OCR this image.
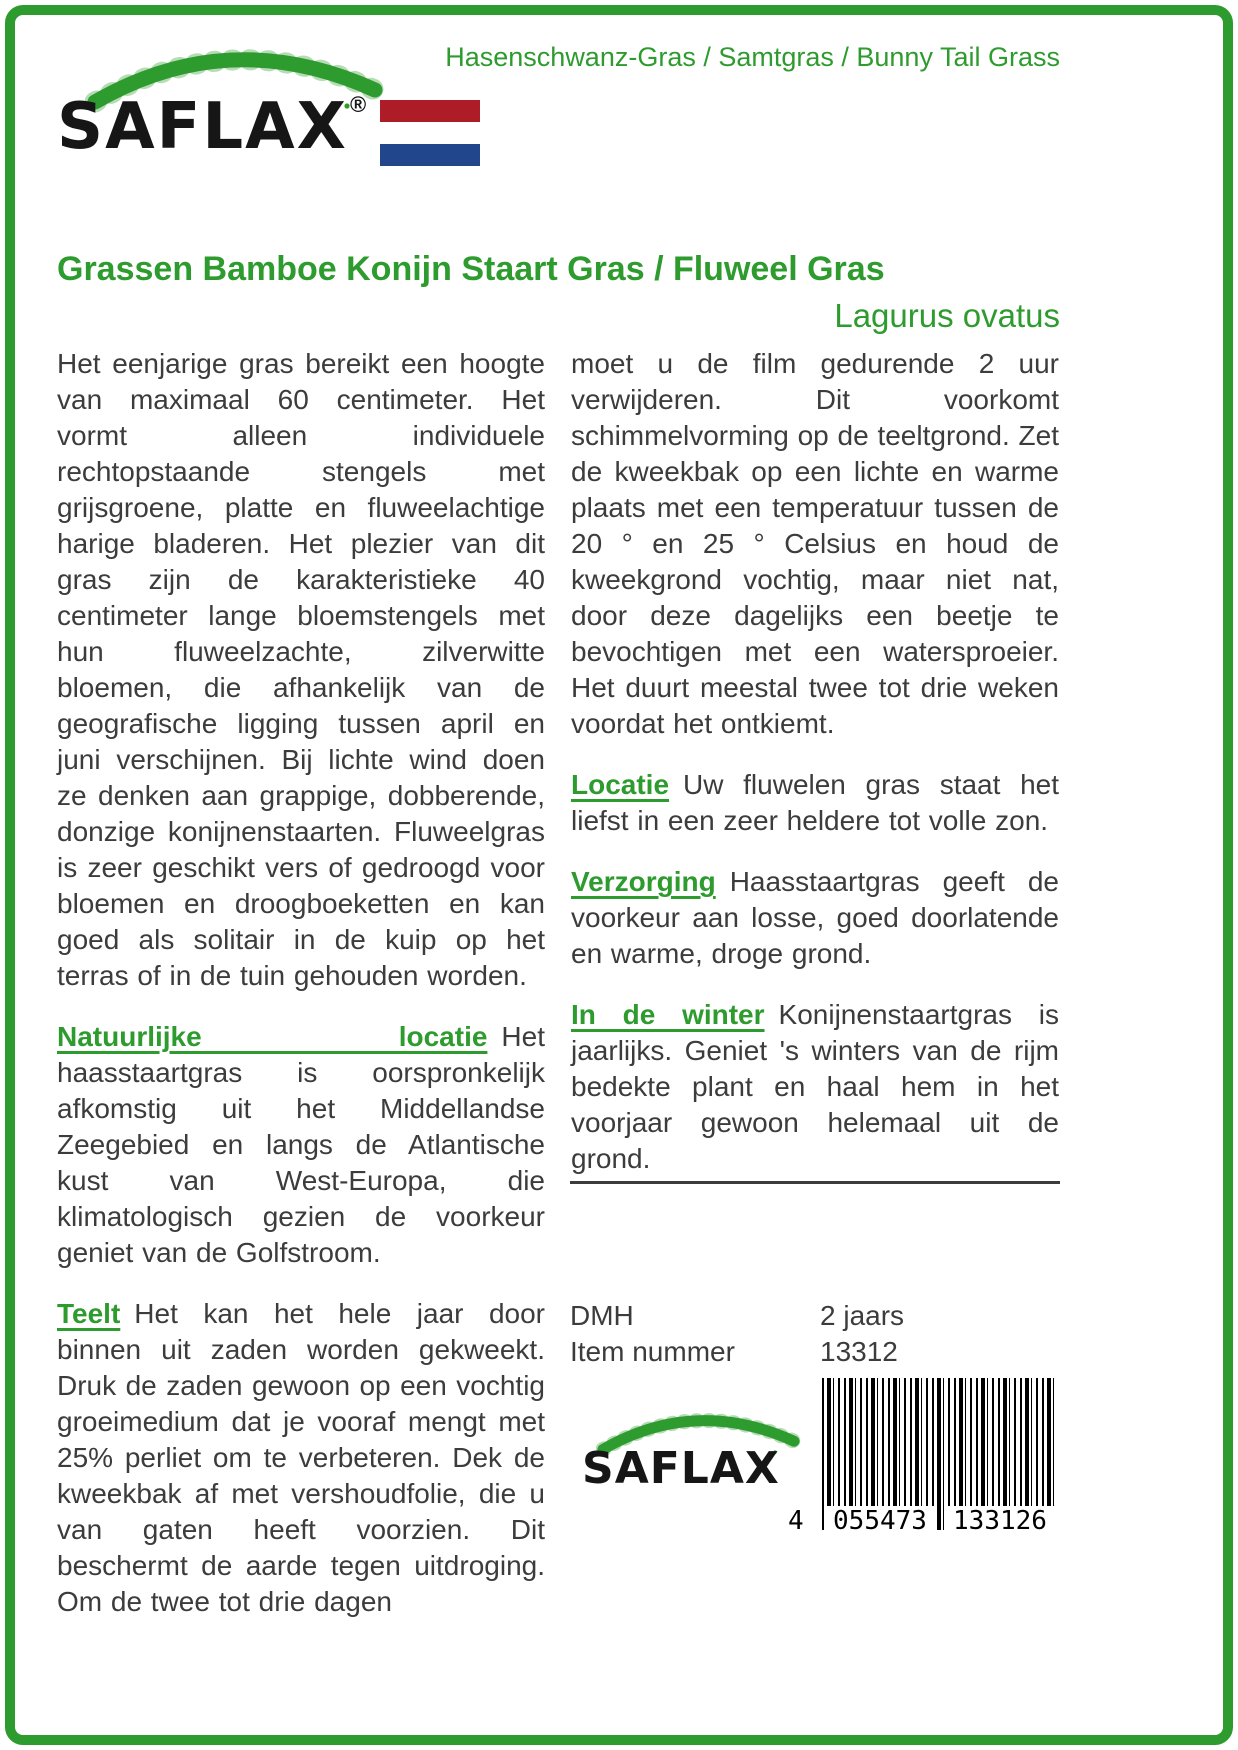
SAFLAX®
Hasenschwanz-Gras / Samtgras / Bunny Tail Grass
Grassen Bamboe Konijn Staart Gras / Fluweel Gras
Lagurus ovatus

Het eenjarige gras bereikt een hoogte van maximaal 60 centimeter. Het vormt alleen individuele rechtopstaande stengels met grijsgroene, platte en fluweelachtige harige bladeren. Het plezier van dit gras zijn de karakteristieke 40 centimeter lange bloemstengels met hun fluweelzachte, zilverwitte bloemen, die afhankelijk van de geografische ligging tussen april en juni verschijnen. Bij lichte wind doen ze denken aan grappige, dobberende, donzige konijnenstaarten. Fluweelgras is zeer geschikt vers of gedroogd voor bloemen en droogboeketten en kan goed als solitair in de kuip op het terras of in de tuin gehouden worden.

Natuurlijke locatie Het haasstaartgras is oorspronkelijk afkomstig uit het Middellandse Zeegebied en langs de Atlantische kust van West-Europa, die klimatologisch gezien de voorkeur geniet van de Golfstroom.

Teelt Het kan het hele jaar door binnen uit zaden worden gekweekt. Druk de zaden gewoon op een vochtig groeimedium dat je vooraf mengt met 25% perliet om te verbeteren. Dek de kweekbak af met vershoudfolie, die u van gaten heeft voorzien. Dit beschermt de aarde tegen uitdroging. Om de twee tot drie dagen

moet u de film gedurende 2 uur verwijderen. Dit voorkomt schimmelvorming op de teeltgrond. Zet de kweekbak op een lichte en warme plaats met een temperatuur tussen de 20 ° en 25 ° Celsius en houd de kweekgrond vochtig, maar niet nat, door deze dagelijks een beetje te bevochtigen met een watersproeier. Het duurt meestal twee tot drie weken voordat het ontkiemt.

Locatie Uw fluwelen gras staat het liefst in een zeer heldere tot volle zon.

Verzorging Haasstaartgras geeft de voorkeur aan losse, goed doorlatende en warme, droge grond.

In de winter Konijnenstaartgras is jaarlijks. Geniet 's winters van de rijm bedekte plant en haal hem in het voorjaar gewoon helemaal uit de grond.

DMH	2 jaars
Item nummer	13312
SAFLAX
4	055473 133126
